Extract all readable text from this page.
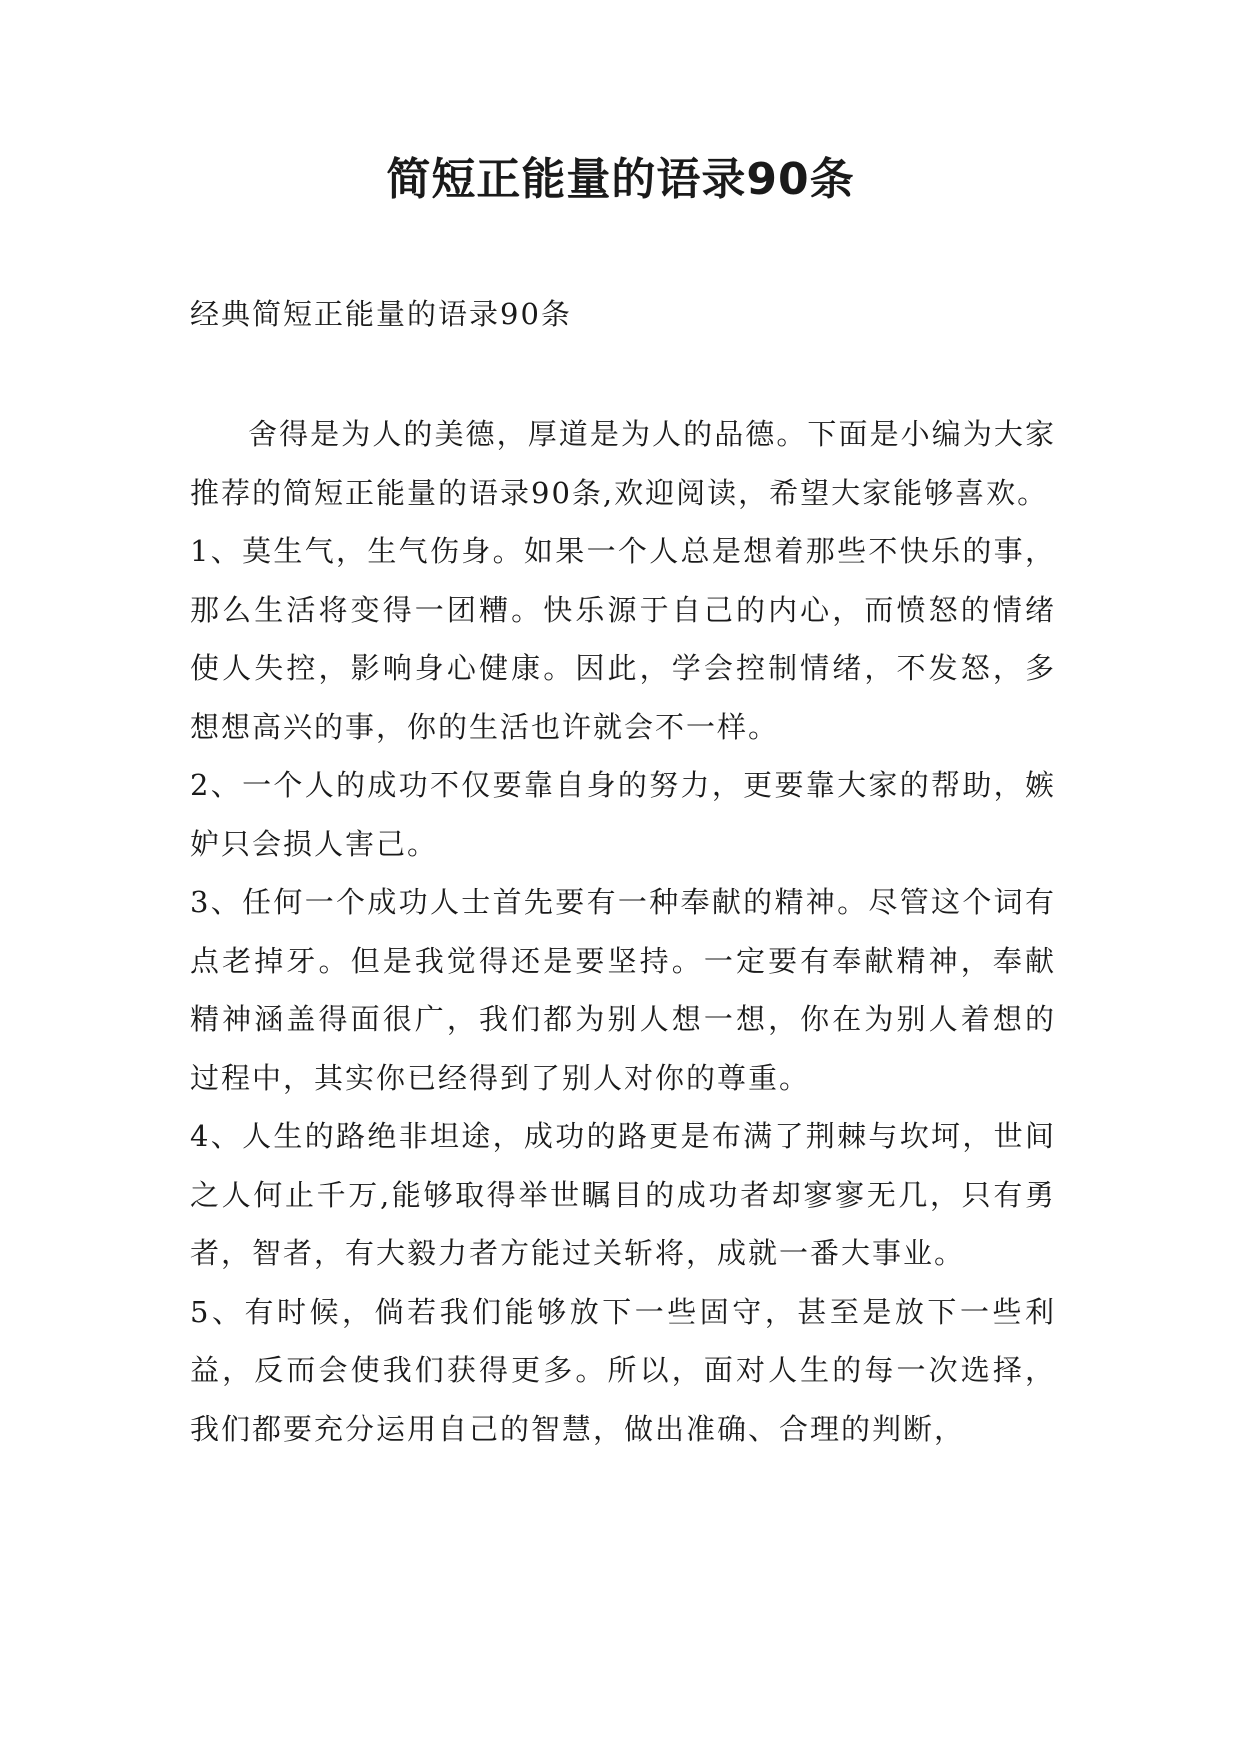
简短正能量的语录90条
经典简短正能量的语录90条

舍得是为人的美德，厚道是为人的品德。下面是小编为大家推荐的简短正能量的语录90条,欢迎阅读，希望大家能够喜欢。

1、莫生气，生气伤身。如果一个人总是想着那些不快乐的事，那么生活将变得一团糟。快乐源于自己的内心，而愤怒的情绪使人失控，影响身心健康。因此，学会控制情绪，不发怒，多想想高兴的事，你的生活也许就会不一样。

2、一个人的成功不仅要靠自身的努力，更要靠大家的帮助，嫉妒只会损人害己。

3、任何一个成功人士首先要有一种奉献的精神。尽管这个词有点老掉牙。但是我觉得还是要坚持。一定要有奉献精神，奉献精神涵盖得面很广，我们都为别人想一想，你在为别人着想的过程中，其实你已经得到了别人对你的尊重。

4、人生的路绝非坦途，成功的路更是布满了荆棘与坎坷，世间之人何止千万,能够取得举世瞩目的成功者却寥寥无几，只有勇者，智者，有大毅力者方能过关斩将，成就一番大事业。

5、有时候，倘若我们能够放下一些固守，甚至是放下一些利益，反而会使我们获得更多。所以，面对人生的每一次选择，我们都要充分运用自己的智慧，做出准确、合理的判断，
